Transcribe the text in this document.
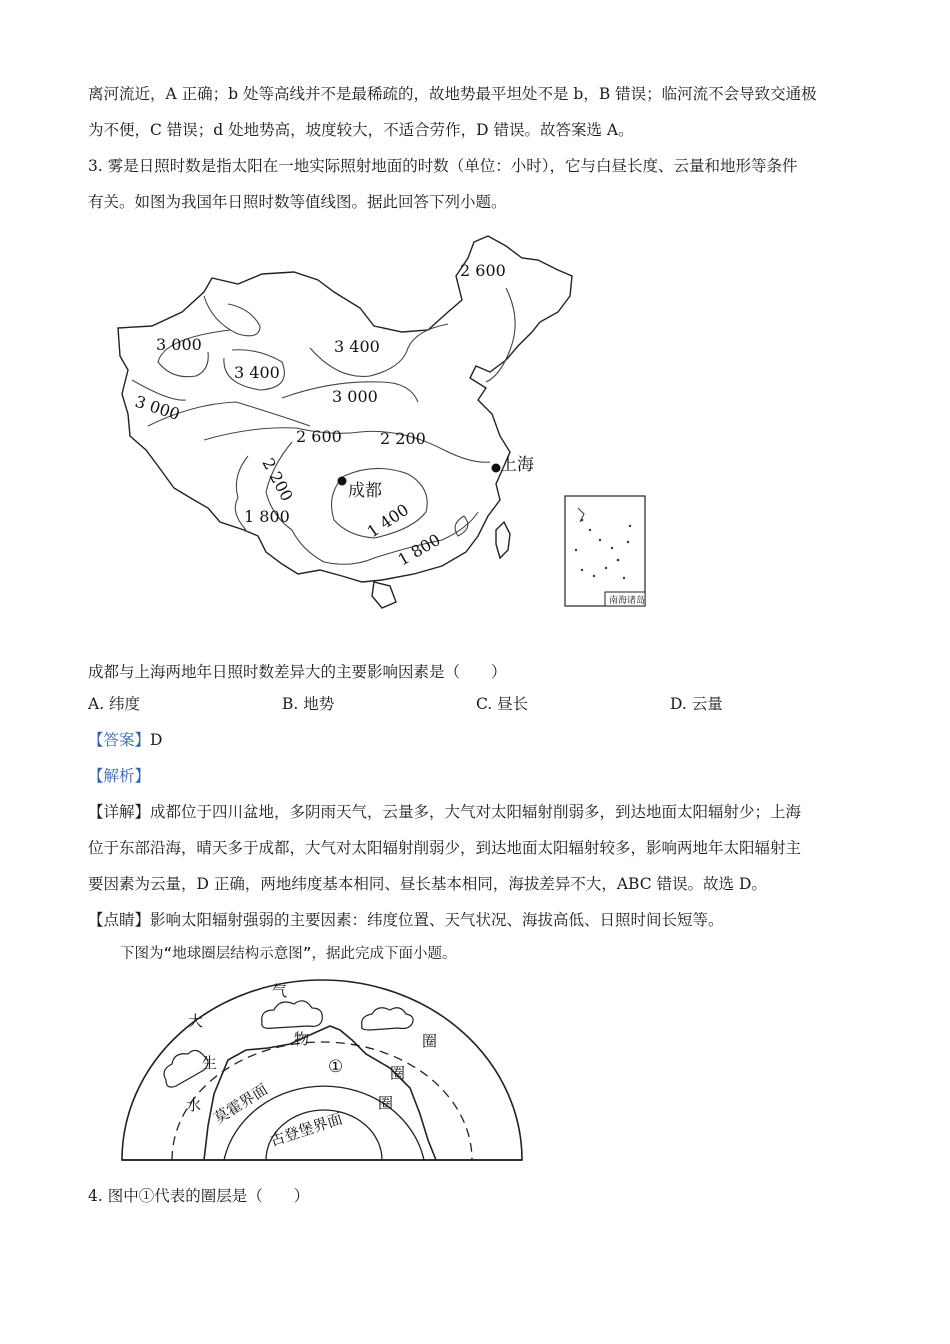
离河流近，A 正确；b 处等高线并不是最稀疏的，故地势最平坦处不是 b，B 错误；临河流不会导致交通极
为不便，C 错误；d 处地势高，坡度较大，不适合劳作，D 错误。故答案选 A。
3. 雾是日照时数是指太阳在一地实际照射地面的时数（单位：小时），它与白昼长度、云量和地形等条件
有关。如图为我国年日照时数等值线图。据此回答下列小题。
2 600
3 400
3 000
3 400
3 000
3 000
2 600 2 200
2 200
1 800	1 400
1 800
成都
上海
南海诸岛
成都与上海两地年日照时数差异大的主要影响因素是（　　）
A. 纬度	B. 地势	C. 昼长	D. 云量
【答案】D
【解析】
【详解】成都位于四川盆地，多阴雨天气，云量多，大气对太阳辐射削弱多，到达地面太阳辐射少；上海
位于东部沿海，晴天多于成都，大气对太阳辐射削弱少，到达地面太阳辐射较多，影响两地年太阳辐射主
要因素为云量，D 正确，两地纬度基本相同、昼长基本相同，海拔差异不大，ABC 错误。故选 D。
【点睛】影响太阳辐射强弱的主要因素：纬度位置、天气状况、海拔高低、日照时间长短等。
下图为“地球圈层结构示意图”，据此完成下面小题。
大
气
圈
生
物
圈
水	圈
①
莫霍界面
古登堡界面
4. 图中①代表的圈层是（　　）
